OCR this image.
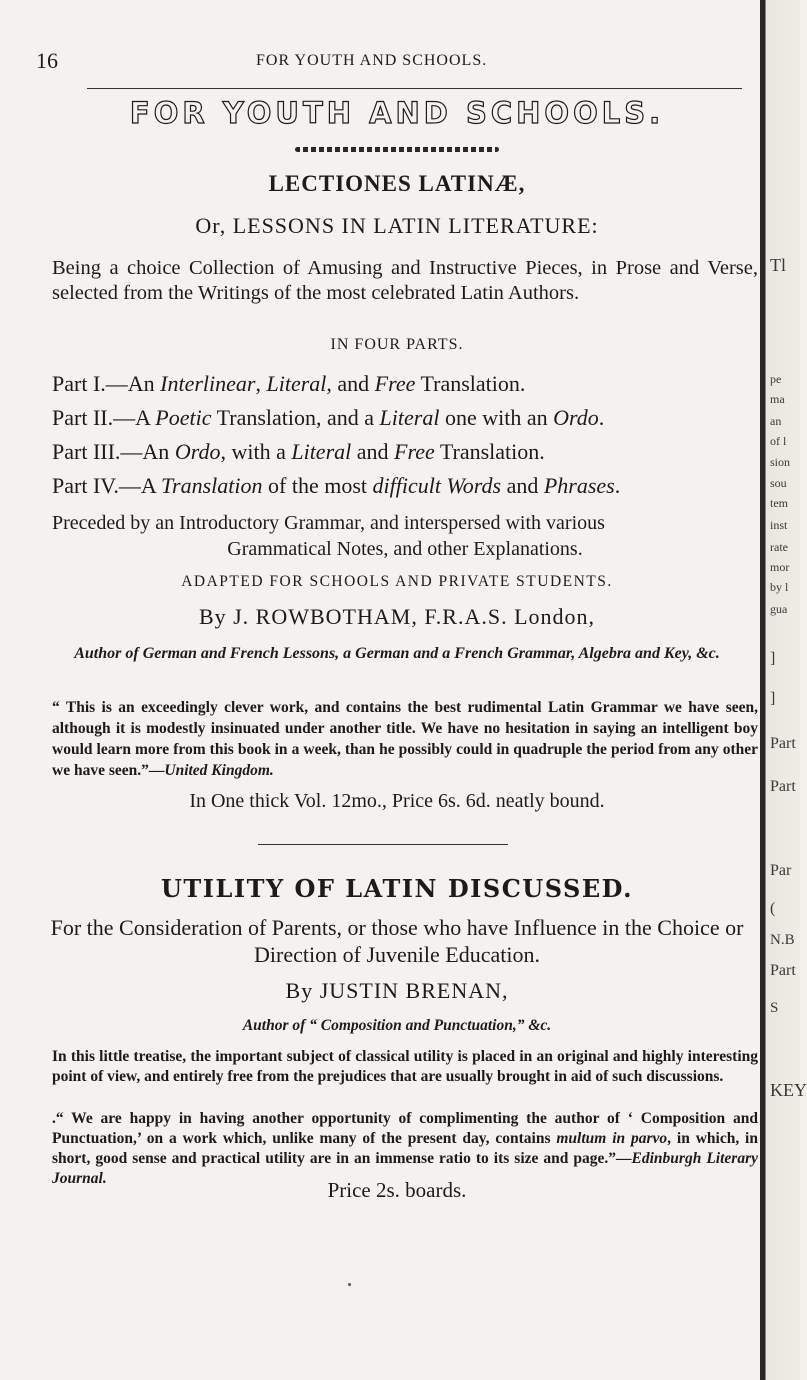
16	FOR YOUTH AND SCHOOLS.
FOR YOUTH AND SCHOOLS.
LECTIONES LATINÆ,
Or, LESSONS IN LATIN LITERATURE:
Being a choice Collection of Amusing and Instructive Pieces, in Prose and Verse, selected from the Writings of the most celebrated Latin Authors.
IN FOUR PARTS.
Part I.—An Interlinear, Literal, and Free Translation.
Part II.—A Poetic Translation, and a Literal one with an Ordo.
Part III.—An Ordo, with a Literal and Free Translation.
Part IV.—A Translation of the most difficult Words and Phrases.
Preceded by an Introductory Grammar, and interspersed with various
Grammatical Notes, and other Explanations.
ADAPTED FOR SCHOOLS AND PRIVATE STUDENTS.
By J. ROWBOTHAM, F.R.A.S. London,
Author of German and French Lessons, a German and a French Grammar, Algebra and Key, &c.
“ This is an exceedingly clever work, and contains the best rudimental Latin Grammar we have seen, although it is modestly insinuated under another title. We have no hesitation in saying an intelligent boy would learn more from this book in a week, than he possibly could in quadruple the period from any other we have seen.”—United Kingdom.
In One thick Vol. 12mo., Price 6s. 6d. neatly bound.
UTILITY OF LATIN DISCUSSED.
For the Consideration of Parents, or those who have Influence in the Choice or Direction of Juvenile Education.
By JUSTIN BRENAN,
Author of “ Composition and Punctuation,” &c.
In this little treatise, the important subject of classical utility is placed in an original and highly interesting point of view, and entirely free from the prejudices that are usually brought in aid of such discussions.
.“ We are happy in having another opportunity of complimenting the author of ‘ Composition and Punctuation,’ on a work which, unlike many of the present day, contains multum in parvo, in which, in short, good sense and practical utility are in an immense ratio to its size and page.”—Edinburgh Literary Journal.	Price 2s. boards.
Tl
pe
ma
an
of l
sion
sou
tem
inst
rate
mor
by l
gua
]
]
Part
Part
Par
(
N.B
Part
S
KEY
